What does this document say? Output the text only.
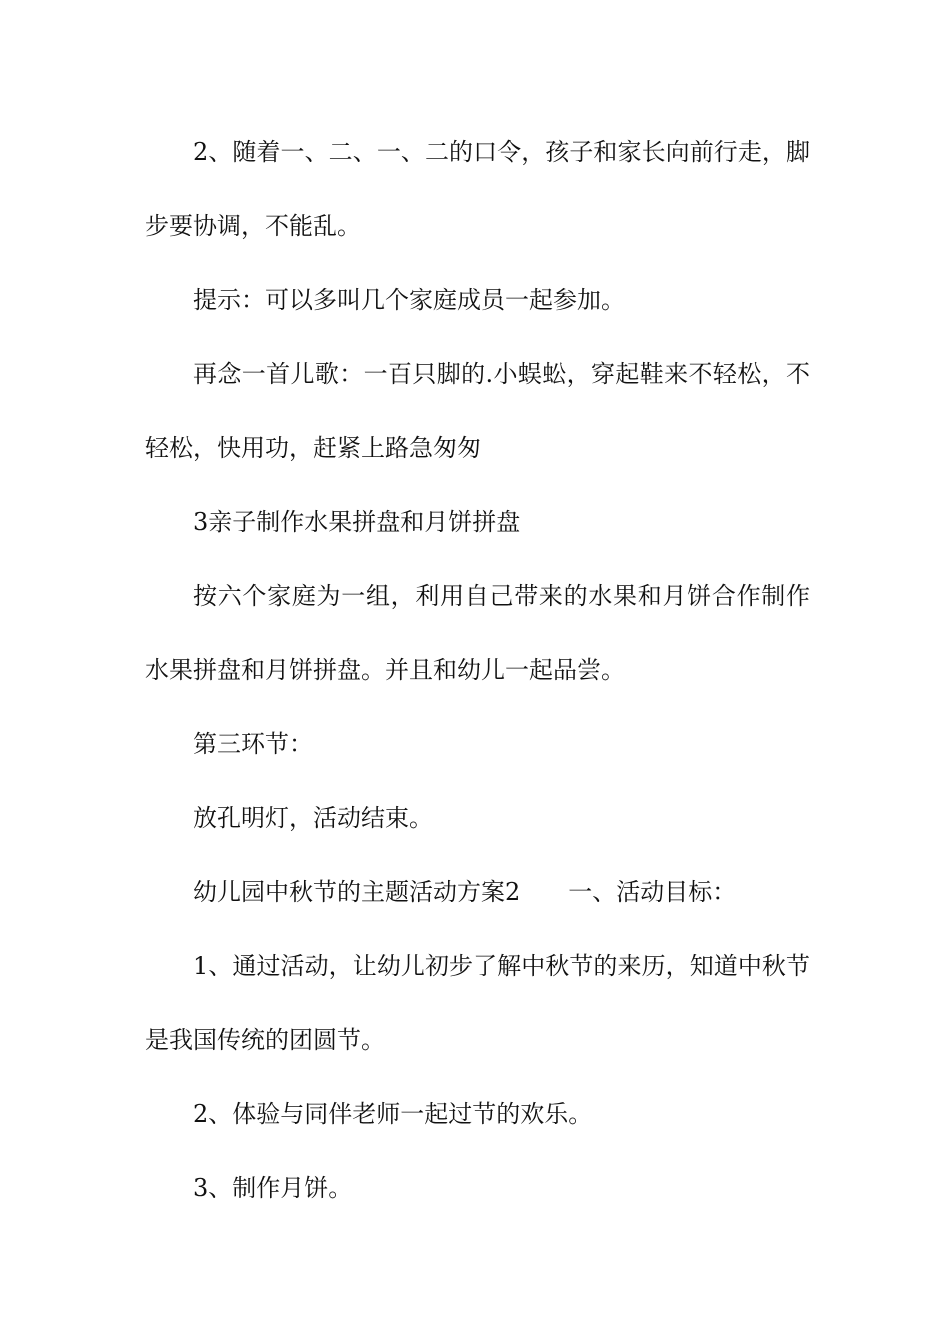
2、随着一、二、一、二的口令，孩子和家长向前行走，脚
步要协调，不能乱。
提示：可以多叫几个家庭成员一起参加。
再念一首儿歌：一百只脚的.小蜈蚣，穿起鞋来不轻松，不
轻松，快用功，赶紧上路急匆匆
3亲子制作水果拼盘和月饼拼盘
按六个家庭为一组，利用自己带来的水果和月饼合作制作
水果拼盘和月饼拼盘。并且和幼儿一起品尝。
第三环节：
放孔明灯，活动结束。
幼儿园中秋节的主题活动方案2 一、活动目标：
1、通过活动，让幼儿初步了解中秋节的来历，知道中秋节
是我国传统的团圆节。
2、体验与同伴老师一起过节的欢乐。
3、制作月饼。
